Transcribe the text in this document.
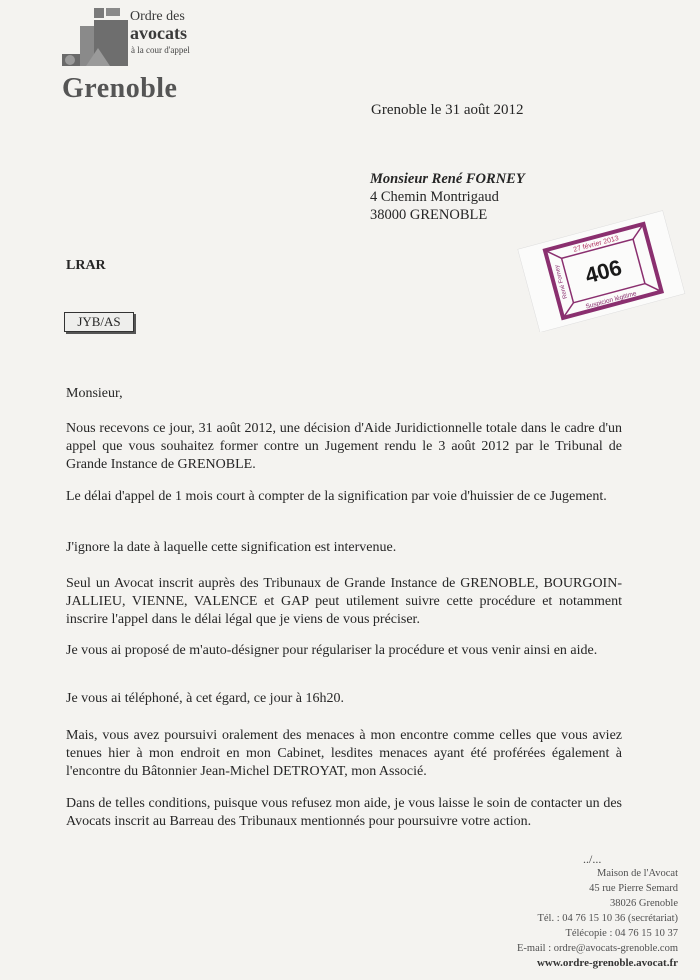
Ordre des
avocats
à la cour d'appel
Grenoble
Grenoble le 31 août 2012
Monsieur René FORNEY
4 Chemin Montrigaud
38000 GRENOBLE
27 février 2013
406
Suspicion légitime
René Forney
LRAR
JYB/AS
Monsieur,
Nous recevons ce jour, 31 août 2012, une décision d'Aide Juridictionnelle totale dans le cadre d'un appel que vous souhaitez former contre un Jugement rendu le 3 août 2012 par le Tribunal de Grande Instance de GRENOBLE.
Le délai d'appel de 1 mois court à compter de la signification par voie d'huissier de ce Jugement.
J'ignore la date à laquelle cette signification est intervenue.
Seul un Avocat inscrit auprès des Tribunaux de Grande Instance de GRENOBLE, BOURGOIN-JALLIEU, VIENNE, VALENCE et GAP peut utilement suivre cette procédure et notamment inscrire l'appel dans le délai légal que je viens de vous préciser.
Je vous ai proposé de m'auto-désigner pour régulariser la procédure et vous venir ainsi en aide.
Je vous ai téléphoné, à cet égard, ce jour à 16h20.
Mais, vous avez poursuivi oralement des menaces à mon encontre comme celles que vous aviez tenues hier à mon endroit en mon Cabinet, lesdites menaces ayant été proférées également à l'encontre du Bâtonnier Jean-Michel DETROYAT, mon Associé.
Dans de telles conditions, puisque vous refusez mon aide, je vous laisse le soin de contacter un des Avocats inscrit au Barreau des Tribunaux mentionnés pour poursuivre votre action.
../...
Maison de l'Avocat
45 rue Pierre Semard
38026 Grenoble
Tél. : 04 76 15 10 36 (secrétariat)
Télécopie : 04 76 15 10 37
E-mail : ordre@avocats-grenoble.com
www.ordre-grenoble.avocat.fr
